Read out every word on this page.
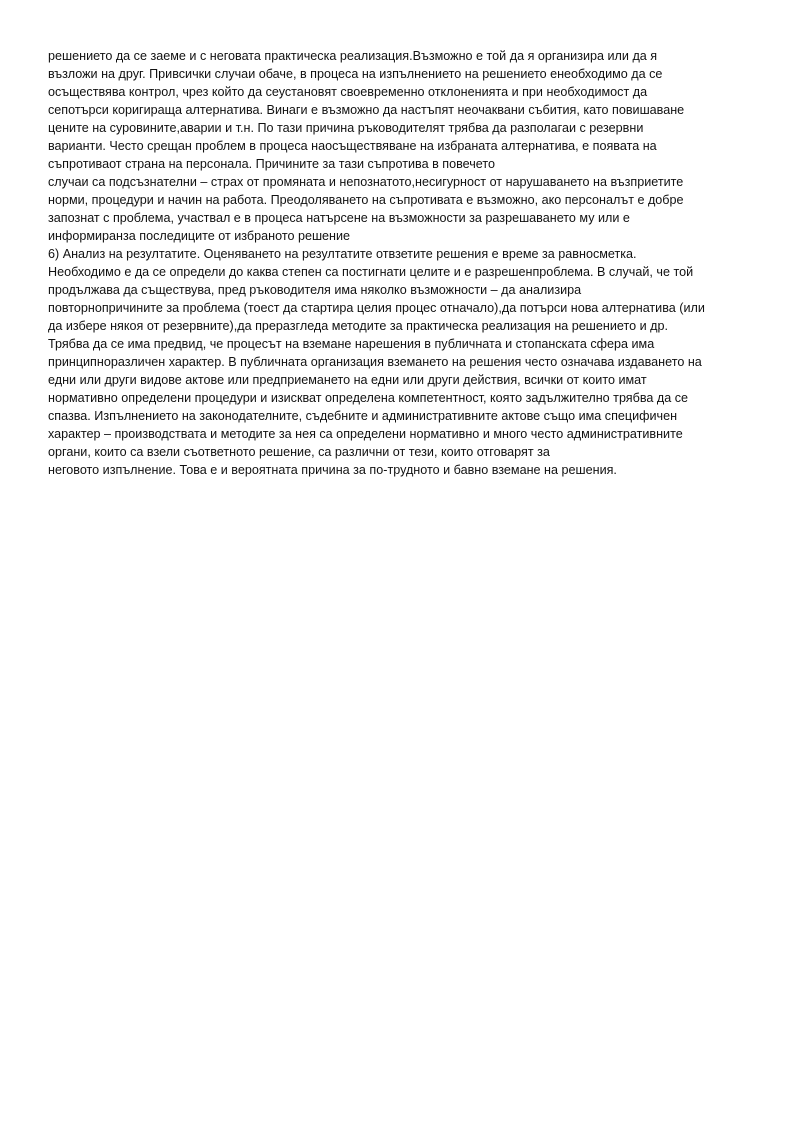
решението да се заеме и с неговата практическа реализация.Възможно е той да я организира или да я
възложи на друг. Привсички случаи обаче, в процеса на изпълнението на решението енеобходимо да се
осъществява контрол, чрез който да сеустановят своевременно отклоненията и при необходимост да
сепотърси коригираща алтернатива. Винаги е възможно да настъпят неочаквани събития, като повишаване
цените на суровините,аварии и т.н. По тази причина ръководителят трябва да разполагаи с резервни
варианти. Често срещан проблем в процеса наосъществяване на избраната алтернатива, е появата на
съпротиваот страна на персонала. Причините за тази съпротива в повечето
случаи са подсъзнателни – страх от промяната и непознатото,несигурност от нарушаването на възприетите
норми, процедури и начин на работа. Преодоляването на съпротивата е възможно, ако персоналът е добре
запознат с проблема, участвал е в процеса натърсене на възможности за разрешаването му или е
информиранза последиците от избраното решение
6) Анализ на резултатите. Оценяването на резултатите отвзетите решения е време за равносметка.
Необходимо е да се определи до каква степен са постигнати целите и е разрешенпроблема. В случай, че той
продължава да съществува, пред ръководителя има няколко възможности – да анализира
повторнопричините за проблема (тоест да стартира целия процес отначало),да потърси нова алтернатива (или
да избере някоя от резервните),да преразгледа методите за практическа реализация на решението и др.
Трябва да се има предвид, че процесът на вземане нарешения в публичната и стопанската сфера има
принципноразличен характер. В публичната организация вземането на решения често означава издаването на
едни или други видове актове или предприемането на едни или други действия, всички от които имат
нормативно определени процедури и изискват определена компетентност, която задължително трябва да се
спазва. Изпълнението на законодателните, съдебните и административните актове също има специфичен
характер – производствата и методите за нея са определени нормативно и много често административните
органи, които са взели съответното решение, са различни от тези, които отговарят за
неговото изпълнение. Това е и вероятната причина за по-трудното и бавно вземане на решения.
